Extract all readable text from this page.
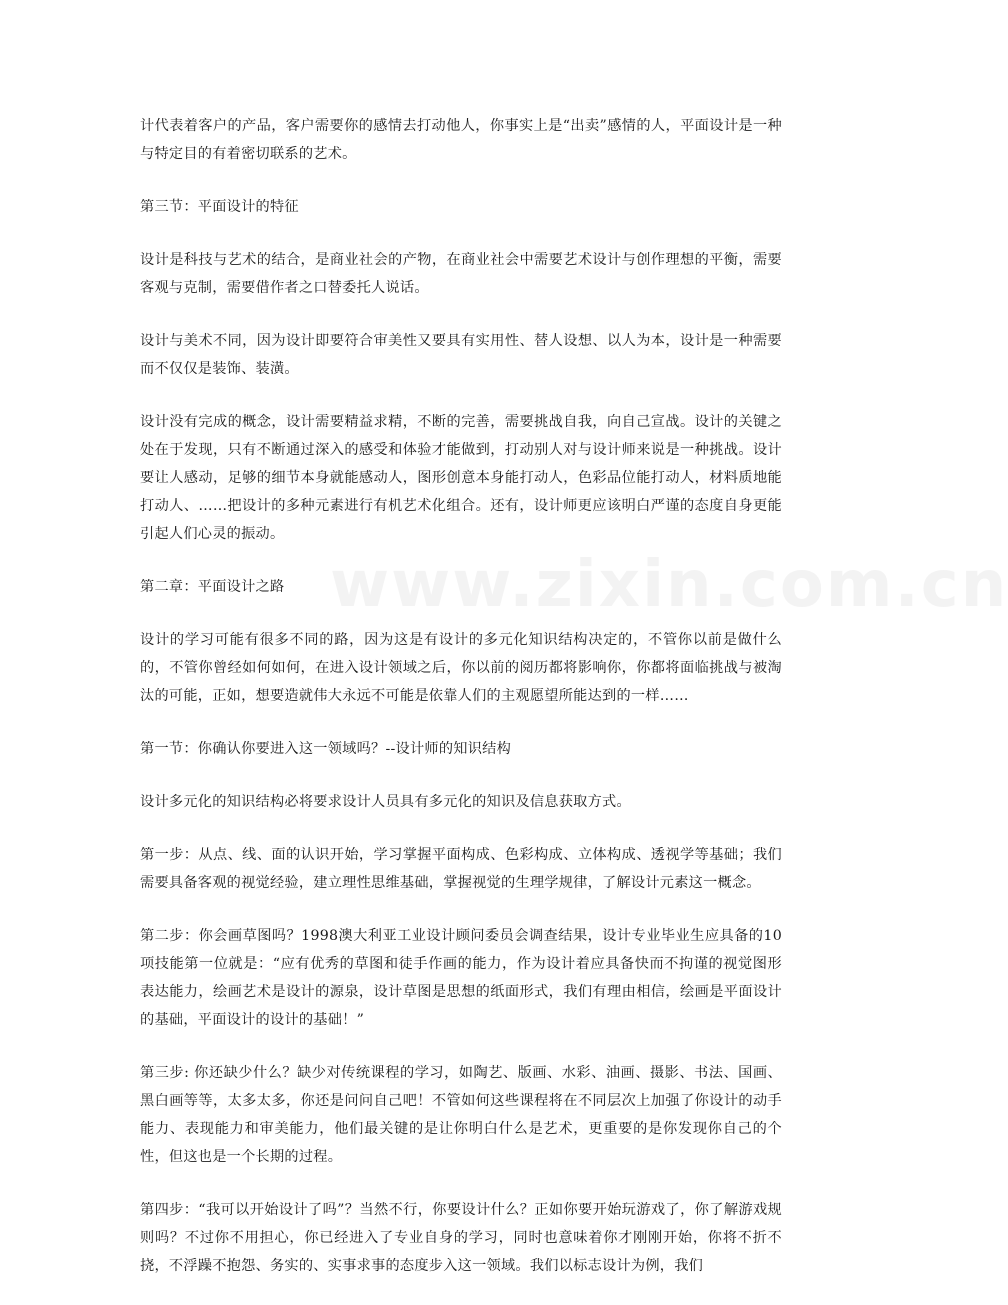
计代表着客户的产品，客户需要你的感情去打动他人，你事实上是“出卖”感情的人，平面设计是一种与特定目的有着密切联系的艺术。

第三节：平面设计的特征

设计是科技与艺术的结合，是商业社会的产物，在商业社会中需要艺术设计与创作理想的平衡，需要客观与克制，需要借作者之口替委托人说话。

设计与美术不同，因为设计即要符合审美性又要具有实用性、替人设想、以人为本，设计是一种需要而不仅仅是装饰、装潢。

设计没有完成的概念，设计需要精益求精，不断的完善，需要挑战自我，向自己宣战。设计的关键之处在于发现，只有不断通过深入的感受和体验才能做到，打动别人对与设计师来说是一种挑战。设计要让人感动，足够的细节本身就能感动人，图形创意本身能打动人，色彩品位能打动人，材料质地能打动人、……把设计的多种元素进行有机艺术化组合。还有，设计师更应该明白严谨的态度自身更能引起人们心灵的振动。

第二章：平面设计之路

设计的学习可能有很多不同的路，因为这是有设计的多元化知识结构决定的，不管你以前是做什么的，不管你曾经如何如何，在进入设计领域之后，你以前的阅历都将影响你，你都将面临挑战与被淘汰的可能，正如，想要造就伟大永远不可能是依靠人们的主观愿望所能达到的一样……

第一节：你确认你要进入这一领域吗？--设计师的知识结构

设计多元化的知识结构必将要求设计人员具有多元化的知识及信息获取方式。

第一步：从点、线、面的认识开始，学习掌握平面构成、色彩构成、立体构成、透视学等基础；我们需要具备客观的视觉经验，建立理性思维基础，掌握视觉的生理学规律，了解设计元素这一概念。

第二步：你会画草图吗？1998澳大利亚工业设计顾问委员会调查结果，设计专业毕业生应具备的10项技能第一位就是：“应有优秀的草图和徒手作画的能力，作为设计着应具备快而不拘谨的视觉图形表达能力，绘画艺术是设计的源泉，设计草图是思想的纸面形式，我们有理由相信，绘画是平面设计的基础，平面设计的设计的基础！”

第三步: 你还缺少什么？缺少对传统课程的学习，如陶艺、版画、水彩、油画、摄影、书法、国画、黑白画等等，太多太多，你还是问问自己吧！不管如何这些课程将在不同层次上加强了你设计的动手能力、表现能力和审美能力，他们最关键的是让你明白什么是艺术，更重要的是你发现你自己的个性，但这也是一个长期的过程。

第四步：“我可以开始设计了吗”？当然不行，你要设计什么？正如你要开始玩游戏了，你了解游戏规则吗？不过你不用担心，你已经进入了专业自身的学习，同时也意味着你才刚刚开始，你将不折不挠，不浮躁不抱怨、务实的、实事求事的态度步入这一领域。我们以标志设计为例，我们

www.zixin.com.cn
